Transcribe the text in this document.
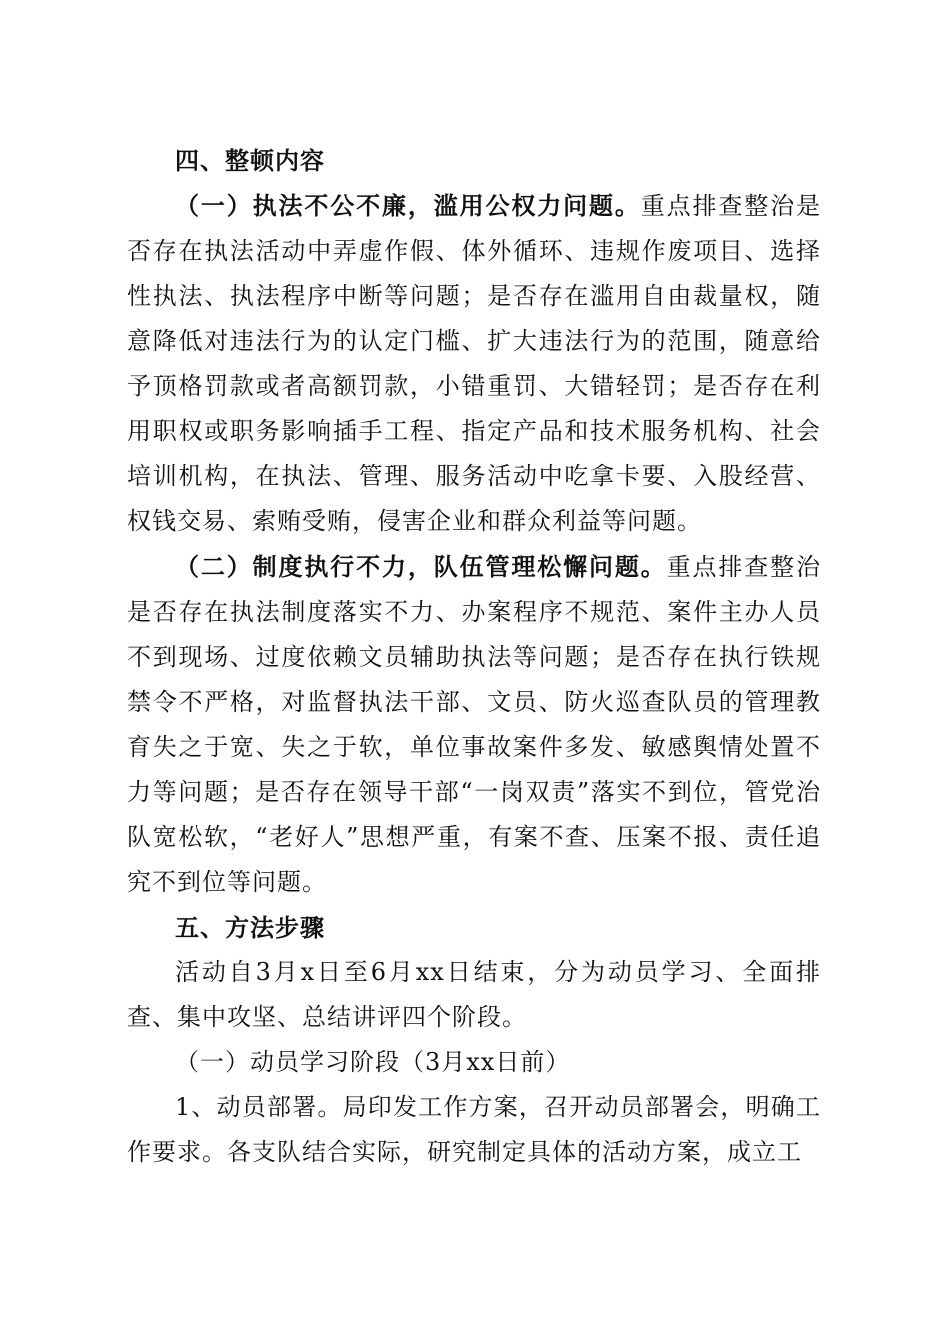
四、整顿内容

（一）执法不公不廉，滥用公权力问题。重点排查整治是否存在执法活动中弄虚作假、体外循环、违规作废项目、选择性执法、执法程序中断等问题；是否存在滥用自由裁量权，随意降低对违法行为的认定门槛、扩大违法行为的范围，随意给予顶格罚款或者高额罚款，小错重罚、大错轻罚；是否存在利用职权或职务影响插手工程、指定产品和技术服务机构、社会培训机构，在执法、管理、服务活动中吃拿卡要、入股经营、权钱交易、索贿受贿，侵害企业和群众利益等问题。

（二）制度执行不力，队伍管理松懈问题。重点排查整治是否存在执法制度落实不力、办案程序不规范、案件主办人员不到现场、过度依赖文员辅助执法等问题；是否存在执行铁规禁令不严格，对监督执法干部、文员、防火巡查队员的管理教育失之于宽、失之于软，单位事故案件多发、敏感舆情处置不力等问题；是否存在领导干部“一岗双责”落实不到位，管党治队宽松软，“老好人”思想严重，有案不查、压案不报、责任追究不到位等问题。

五、方法步骤

活动自3月x日至6月xx日结束，分为动员学习、全面排查、集中攻坚、总结讲评四个阶段。

（一）动员学习阶段（3月xx日前）

1、动员部署。局印发工作方案，召开动员部署会，明确工作要求。各支队结合实际，研究制定具体的活动方案，成立工
